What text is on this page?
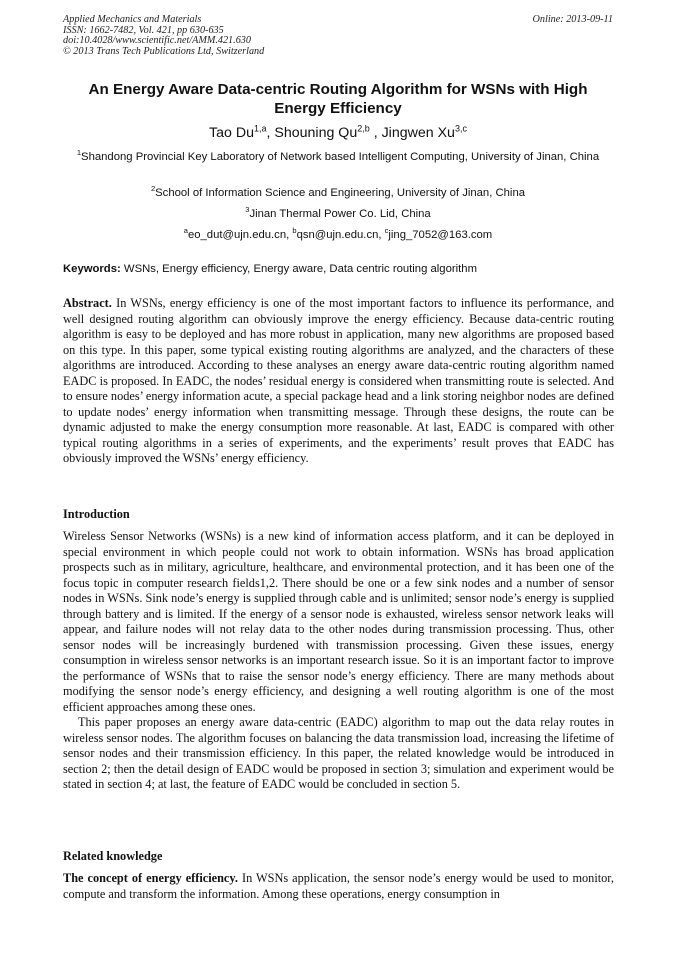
Applied Mechanics and Materials
ISSN: 1662-7482, Vol. 421, pp 630-635
doi:10.4028/www.scientific.net/AMM.421.630
© 2013 Trans Tech Publications Ltd, Switzerland
Online: 2013-09-11
An Energy Aware Data-centric Routing Algorithm for WSNs with High Energy Efficiency
Tao Du$^{1,a}$, Shouning Qu$^{2,b}$ , Jingwen Xu$^{3,c}$
$^1$Shandong Provincial Key Laboratory of Network based Intelligent Computing, University of Jinan, China
$^2$School of Information Science and Engineering, University of Jinan, China
$^3$Jinan Thermal Power Co. Lid, China
$^a$eo_dut@ujn.edu.cn, $^b$qsn@ujn.edu.cn, $^c$jing_7052@163.com
Keywords: WSNs, Energy efficiency, Energy aware, Data centric routing algorithm
Abstract. In WSNs, energy efficiency is one of the most important factors to influence its performance, and well designed routing algorithm can obviously improve the energy efficiency. Because data-centric routing algorithm is easy to be deployed and has more robust in application, many new algorithms are proposed based on this type. In this paper, some typical existing routing algorithms are analyzed, and the characters of these algorithms are introduced. According to these analyses an energy aware data-centric routing algorithm named EADC is proposed. In EADC, the nodes’ residual energy is considered when transmitting route is selected. And to ensure nodes’ energy information acute, a special package head and a link storing neighbor nodes are defined to update nodes’ energy information when transmitting message. Through these designs, the route can be dynamic adjusted to make the energy consumption more reasonable. At last, EADC is compared with other typical routing algorithms in a series of experiments, and the experiments’ result proves that EADC has obviously improved the WSNs’ energy efficiency.
Introduction

Wireless Sensor Networks (WSNs) is a new kind of information access platform, and it can be deployed in special environment in which people could not work to obtain information. WSNs has broad application prospects such as in military, agriculture, healthcare, and environmental protection, and it has been one of the focus topic in computer research fields1,2. There should be one or a few sink nodes and a number of sensor nodes in WSNs. Sink node’s energy is supplied through cable and is unlimited; sensor node’s energy is supplied through battery and is limited. If the energy of a sensor node is exhausted, wireless sensor network leaks will appear, and failure nodes will not relay data to the other nodes during transmission processing. Thus, other sensor nodes will be increasingly burdened with transmission processing. Given these issues, energy consumption in wireless sensor networks is an important research issue. So it is an important factor to improve the performance of WSNs that to raise the sensor node’s energy efficiency. There are many methods about modifying the sensor node’s energy efficiency, and designing a well routing algorithm is one of the most efficient approaches among these ones.

This paper proposes an energy aware data-centric (EADC) algorithm to map out the data relay routes in wireless sensor nodes. The algorithm focuses on balancing the data transmission load, increasing the lifetime of sensor nodes and their transmission efficiency. In this paper, the related knowledge would be introduced in section 2; then the detail design of EADC would be proposed in section 3; simulation and experiment would be stated in section 4; at last, the feature of EADC would be concluded in section 5.

Related knowledge

The concept of energy efficiency. In WSNs application, the sensor node’s energy would be used to monitor, compute and transform the information. Among these operations, energy consumption in
